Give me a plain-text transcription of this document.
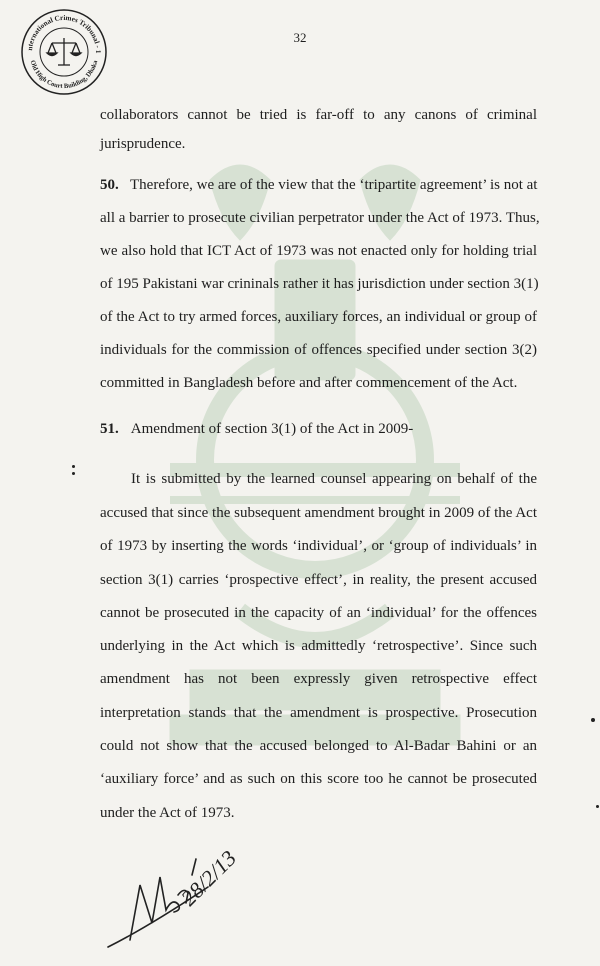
nternational Crimes Tribunal - 1
Old High Court Building, Dhaka
32
collaborators cannot be tried is far-off to any canons of criminal
jurisprudence.
50. Therefore, we are of the view that the ‘tripartite agreement’ is not at
all a barrier to prosecute civilian perpetrator under the Act of 1973. Thus,
we also hold that ICT Act of 1973 was not enacted only for holding trial
of 195 Pakistani war crininals rather it has jurisdiction under section 3(1)
of the Act to try armed forces, auxiliary forces, an individual or group of
individuals for the commission of offences specified under section 3(2)
committed in Bangladesh before and after commencement of the Act.
51. Amendment of section 3(1) of the Act in 2009-
It is submitted by the learned counsel appearing on behalf of the
accused that since the subsequent amendment brought in 2009 of the Act
of 1973 by inserting the words ‘individual’, or ‘group of individuals’ in
section 3(1) carries ‘prospective effect’, in reality, the present accused
cannot be prosecuted in the capacity of an ‘individual’ for the offences
underlying in the Act which is admittedly ‘retrospective’. Since such
amendment has not been expressly given retrospective effect
interpretation stands that the amendment is prospective. Prosecution
could not show that the accused belonged to Al-Badar Bahini or an
‘auxiliary force’ and as such on this score too he cannot be prosecuted
under the Act of 1973.
28/2/13
